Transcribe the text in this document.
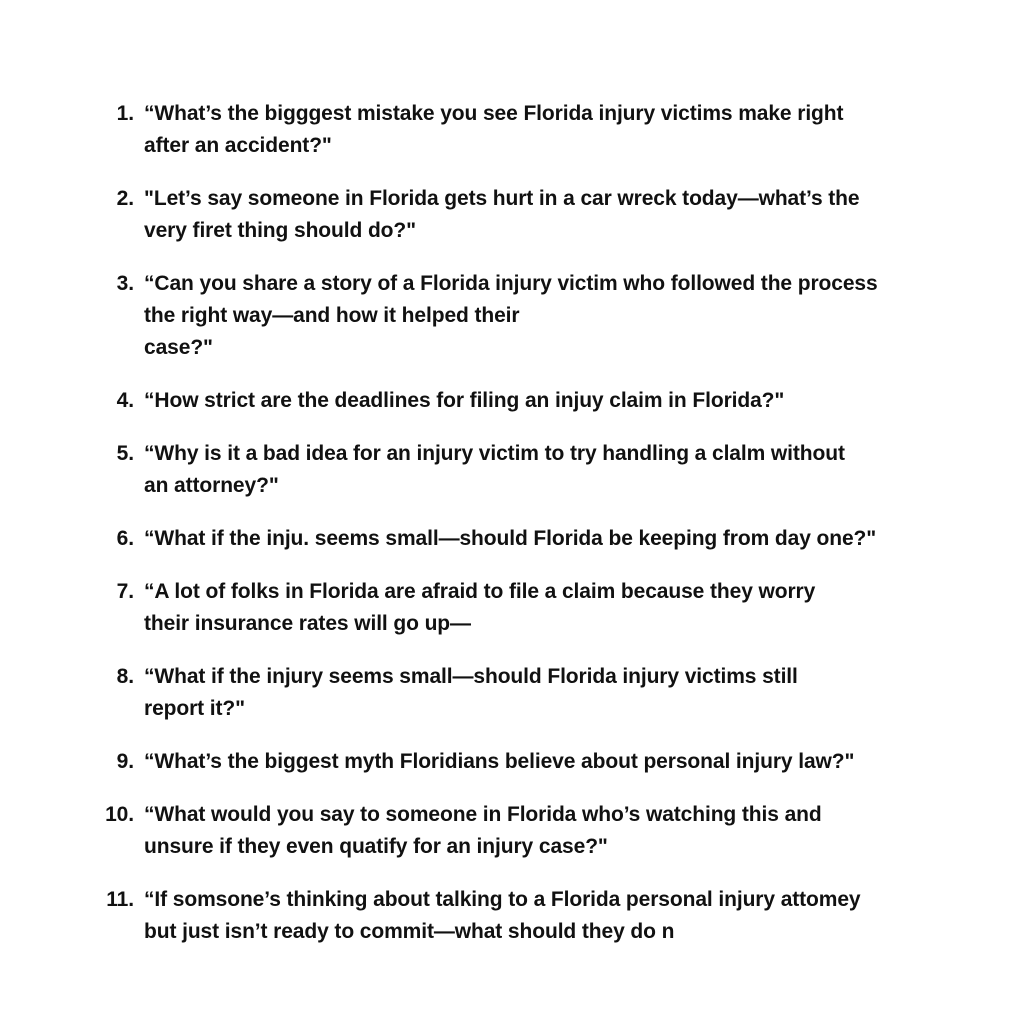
1. “What’s the bigggest mistake you see Florida injury victims make right
after an accident?"
2. "Let’s say someone in Florida gets hurt in a car wreck today—what’s the
very firet thing should do?"
3. “Can you share a story of a Florida injury victim who followed the process
the right way—and how it helped their
case?"
4. “How strict are the deadlines for filing an injuy claim in Florida?"
5. “Why is it a bad idea for an injury victim to try handling a clalm without
an attorney?"
6. “What if the inju. seems small—should Florida be keeping from day one?"
7. “A lot of folks in Florida are afraid to file a claim because they worry
their insurance rates will go up—
8. “What if the injury seems small—should Florida injury victims still
report it?"
9. “What’s the biggest myth Floridians believe about personal injury law?"
10. “What would you say to someone in Florida who’s watching this and
unsure if they even quatify for an injury case?"
11. “If somsone’s thinking about talking to a Florida personal injury attomey
but just isn’t ready to commit—what should they do n
